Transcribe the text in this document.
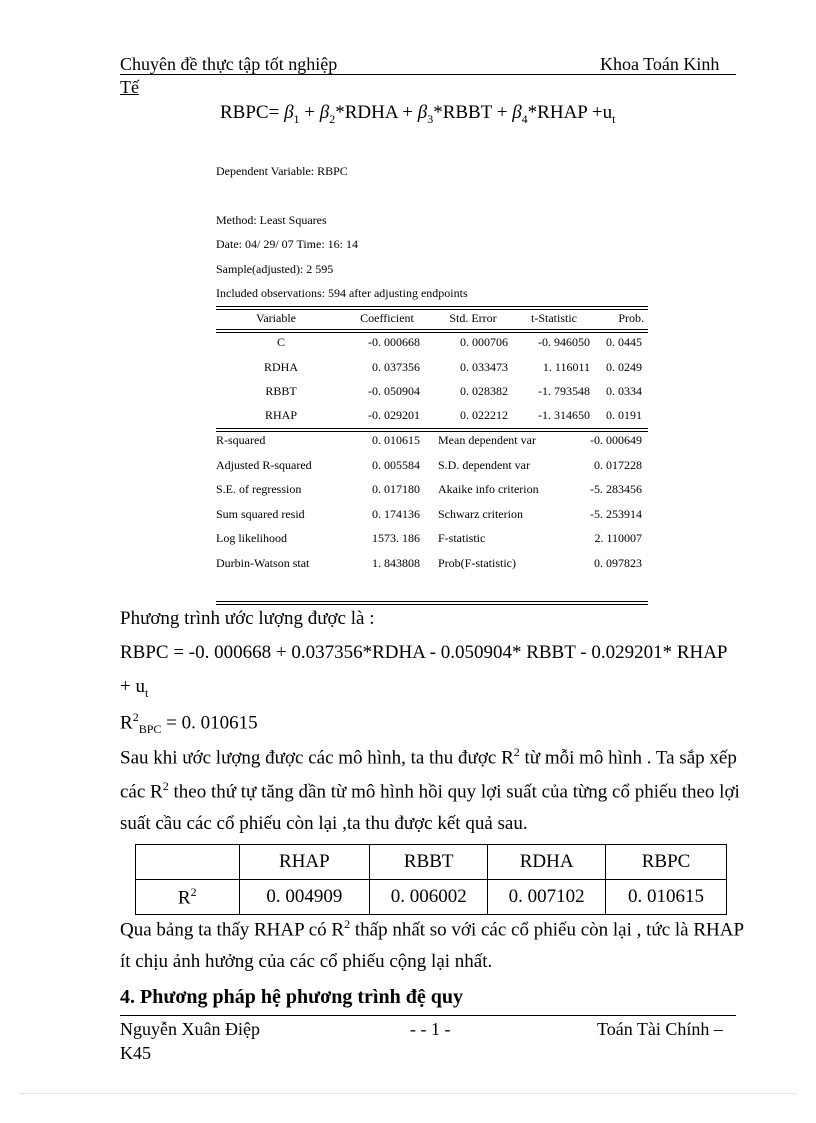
Chuyên đề thực tập tốt nghiệp	Khoa Toán Kinh
Tế
RBPC= $\beta_1$ + $\beta_2*RDHA$ + $\beta_3*RBBT$ + $\beta_4*RHAP +u_t$
Dependent Variable: RBPC
Method: Least Squares
Date: 04/ 29/ 07 Time: 16: 14
Sample(adjusted): 2 595
Included observations: 594 after adjusting endpoints
Variable	Coefficient	Std. Error	t-Statistic	Prob.
C	-0. 000668	0. 000706	-0. 946050	0. 0445
RDHA	0. 037356	0. 033473	1. 116011	0. 0249
RBBT	-0. 050904	0. 028382	-1. 793548	0. 0334
RHAP	-0. 029201	0. 022212	-1. 314650	0. 0191
R-squared	0. 010615 Mean dependent var	-0. 000649
Adjusted R-squared	0. 005584 S.D. dependent var	0. 017228
S.E. of regression	0. 017180 Akaike info criterion	-5. 283456
Sum squared resid	0. 174136 Schwarz criterion	-5. 253914
Log likelihood	1573. 186 F-statistic	2. 110007
Durbin-Watson stat	1. 843808 Prob(F-statistic)	0. 097823
Phương trình ước lượng được là :
RBPC = -0. 000668 + 0.037356*RDHA - 0.050904* RBBT - 0.029201* RHAP
+ $u_t$
$R^2_{BPC} = 0$. 010615
Sau khi ước lượng được các mô hình, ta thu được $R^2$ từ mỗi mô hình . Ta sắp xếp
các $R^2$ theo thứ tự tăng dần từ mô hình hồi quy lợi suất của từng cổ phiếu theo lợi
suất cầu các cổ phiếu còn lại ,ta thu được kết quả sau.
	RHAP	RBBT	RDHA	RBPC
$R^2$	0. 004909	0. 006002	0. 007102	0. 010615
Qua bảng ta thấy RHAP có $R^2$ thấp nhất so với các cổ phiếu còn lại , tức là RHAP
ít chịu ảnh hưởng của các cổ phiếu cộng lại nhất.
4. Phương pháp hệ phương trình đệ quy
Nguyễn Xuân Điệp	- - 1 -	Toán Tài Chính –
K45
